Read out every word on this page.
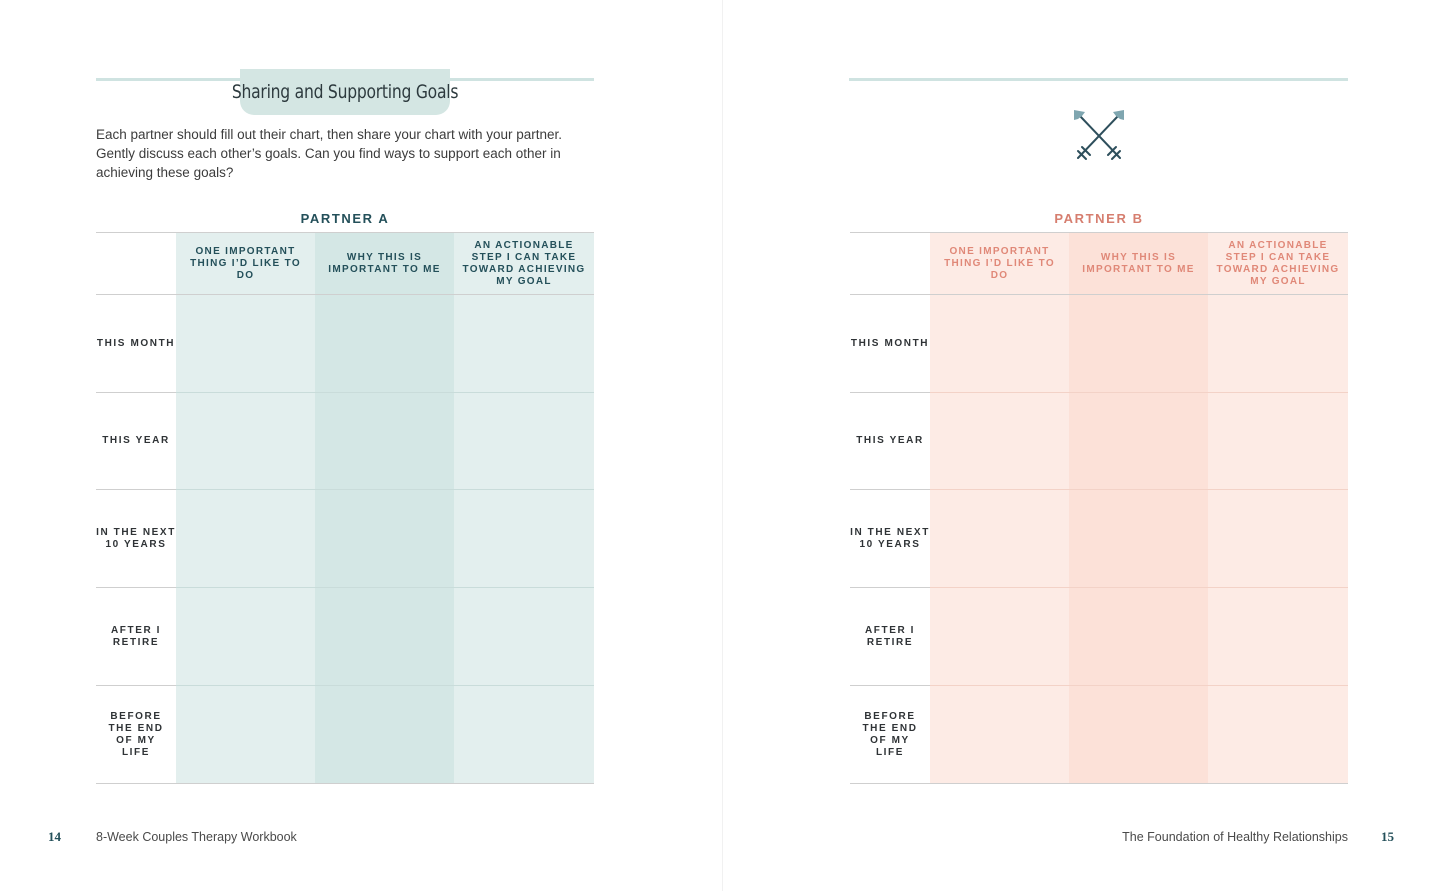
Sharing and Supporting Goals

Each partner should fill out their chart, then share your chart with your partner. Gently discuss each other’s goals. Can you find ways to support each other in achieving these goals?

PARTNER A
ONE IMPORTANT THING I’D LIKE TO DO
WHY THIS IS IMPORTANT TO ME
AN ACTIONABLE STEP I CAN TAKE TOWARD ACHIEVING MY GOAL
THIS MONTH
THIS YEAR
IN THE NEXT 10 YEARS
AFTER I RETIRE
BEFORE THE END OF MY LIFE
14	8-Week Couples Therapy Workbook
PARTNER B
ONE IMPORTANT THING I’D LIKE TO DO
WHY THIS IS IMPORTANT TO ME
AN ACTIONABLE STEP I CAN TAKE TOWARD ACHIEVING MY GOAL
THIS MONTH
THIS YEAR
IN THE NEXT 10 YEARS
AFTER I RETIRE
BEFORE THE END OF MY LIFE
The Foundation of Healthy Relationships	15
